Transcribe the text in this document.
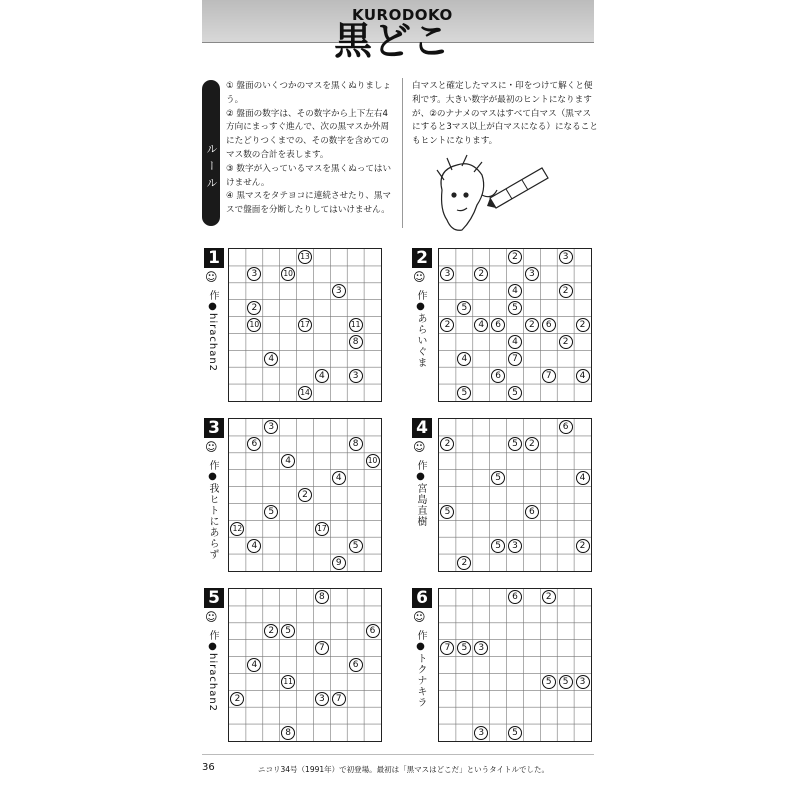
KURODOKO
黒どこ
ルール

① 盤面のいくつかのマスを黒くぬりましょう。

② 盤面の数字は、その数字から上下左右4方向にまっすぐ進んで、次の黒マスか外周にたどりつくまでの、その数字を含めてのマス数の合計を表します。

③ 数字が入っているマスを黒くぬってはいけません。

④ 黒マスをタテヨコに連続させたり、黒マスで盤面を分断したりしてはいけません。

白マスと確定したマスに・印をつけて解くと便利です。大きい数字が最初のヒントになりますが、②のナナメのマスはすべて白マス（黒マスにすると3マス以上が白マスになる）になることもヒントになります。
1
☺
作●hirachan2
13
3	10
3
2
10	17	11
8
4
4	3
14
2
☺
作●あらいぐま
2	3
3	2	3
4	2
5	5
2	4	6	2	6	2
4	2
4	7
6	7	4
5	5
3
☺
作●我ヒトにあらず
3
6	8
4	10
4
2
5
12	17
4	5
9
4
☺
作●宮島直樹
6
2	5	2
5	4
5	6
5	3	2
2
5
☺
作●hirachan2
8
2	5	6
7
4	6
11
2	3	7
8
6
☺
作●トクナキラ
6	2
7	5	3
5	5	3
3	5
36	ニコリ34号（1991年）で初登場。最初は「黒マスはどこだ」というタイトルでした。
